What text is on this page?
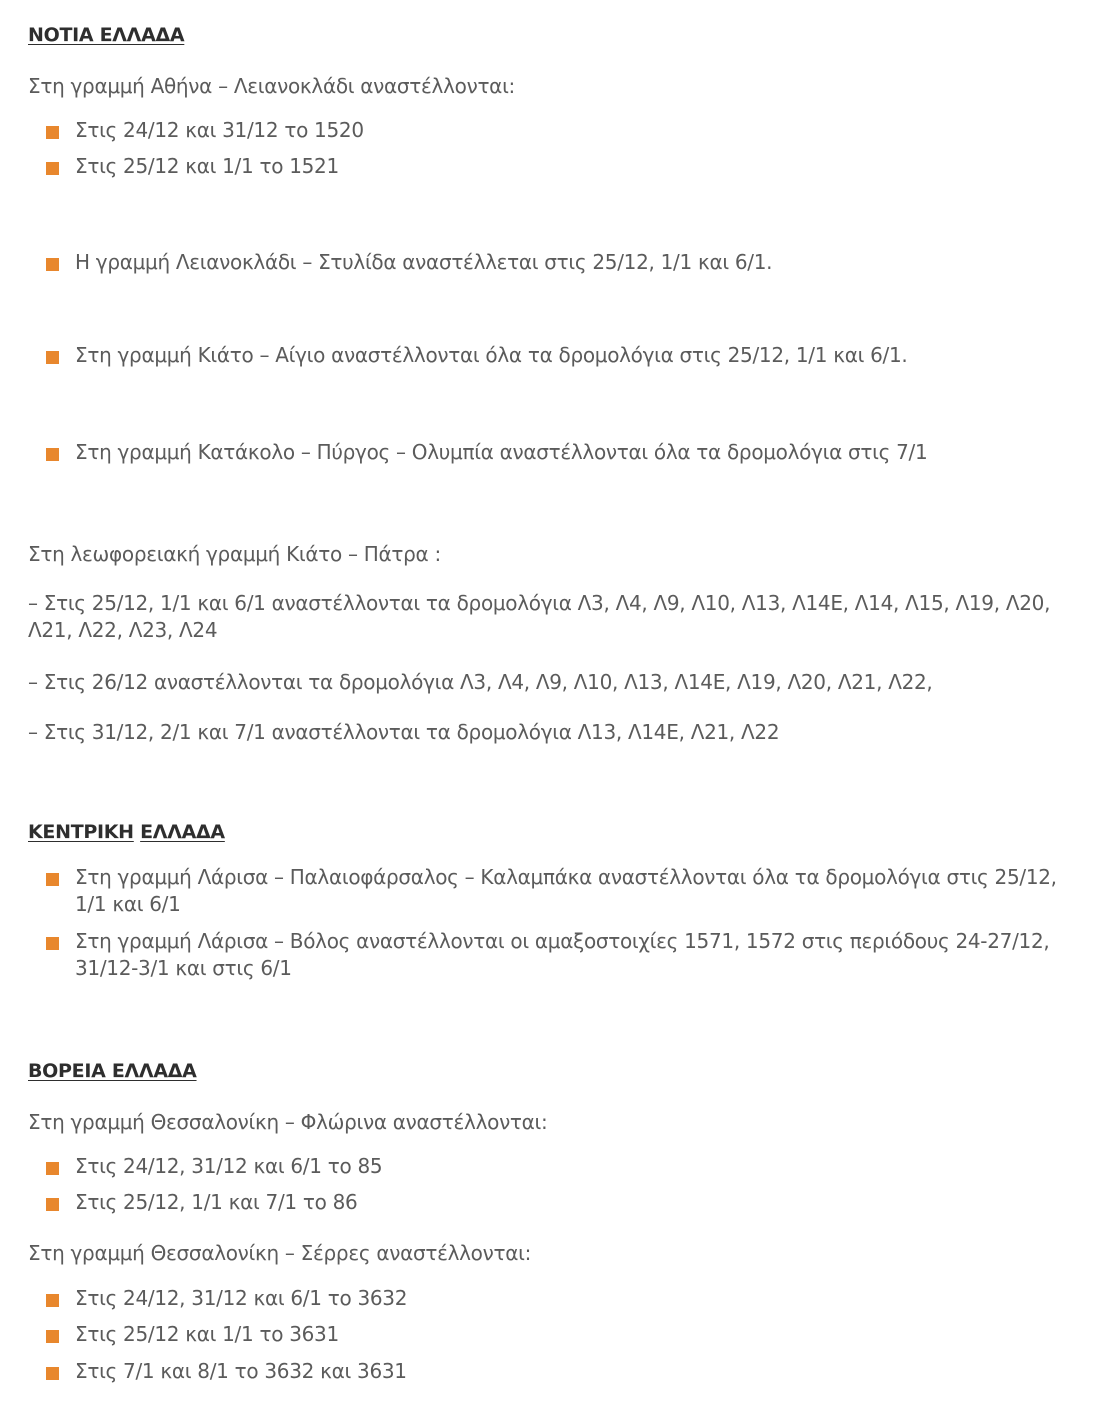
ΝΟΤΙΑ ΕΛΛΑΔΑ
Στη γραμμή Αθήνα – Λειανοκλάδι αναστέλλονται:
Στις 24/12 και 31/12 το 1520
Στις 25/12 και 1/1 το 1521
Η γραμμή Λειανοκλάδι – Στυλίδα αναστέλλεται στις 25/12, 1/1 και 6/1.
Στη γραμμή Κιάτο – Αίγιο αναστέλλονται όλα τα δρομολόγια στις 25/12, 1/1 και 6/1.
Στη γραμμή Κατάκολο – Πύργος – Ολυμπία αναστέλλονται όλα τα δρομολόγια στις 7/1
Στη λεωφορειακή γραμμή Κιάτο – Πάτρα :
– Στις 25/12, 1/1 και 6/1 αναστέλλονται τα δρομολόγια Λ3, Λ4, Λ9, Λ10, Λ13, Λ14Ε, Λ14, Λ15, Λ19, Λ20, Λ21, Λ22, Λ23, Λ24
– Στις 26/12 αναστέλλονται τα δρομολόγια Λ3, Λ4, Λ9, Λ10, Λ13, Λ14Ε, Λ19, Λ20, Λ21, Λ22,
– Στις 31/12, 2/1 και 7/1 αναστέλλονται τα δρομολόγια Λ13, Λ14Ε, Λ21, Λ22
ΚΕΝΤΡΙΚΗ ΕΛΛΑΔΑ
Στη γραμμή Λάρισα – Παλαιοφάρσαλος – Καλαμπάκα αναστέλλονται όλα τα δρομολόγια στις 25/12, 1/1 και 6/1
Στη γραμμή Λάρισα – Βόλος αναστέλλονται οι αμαξοστοιχίες 1571, 1572 στις περιόδους 24-27/12, 31/12-3/1 και στις 6/1
ΒΟΡΕΙΑ ΕΛΛΑΔΑ
Στη γραμμή Θεσσαλονίκη – Φλώρινα αναστέλλονται:
Στις 24/12, 31/12 και 6/1 το 85
Στις 25/12, 1/1 και 7/1 το 86
Στη γραμμή Θεσσαλονίκη – Σέρρες αναστέλλονται:
Στις 24/12, 31/12 και 6/1 το 3632
Στις 25/12 και 1/1 το 3631
Στις 7/1 και 8/1 το 3632 και 3631
